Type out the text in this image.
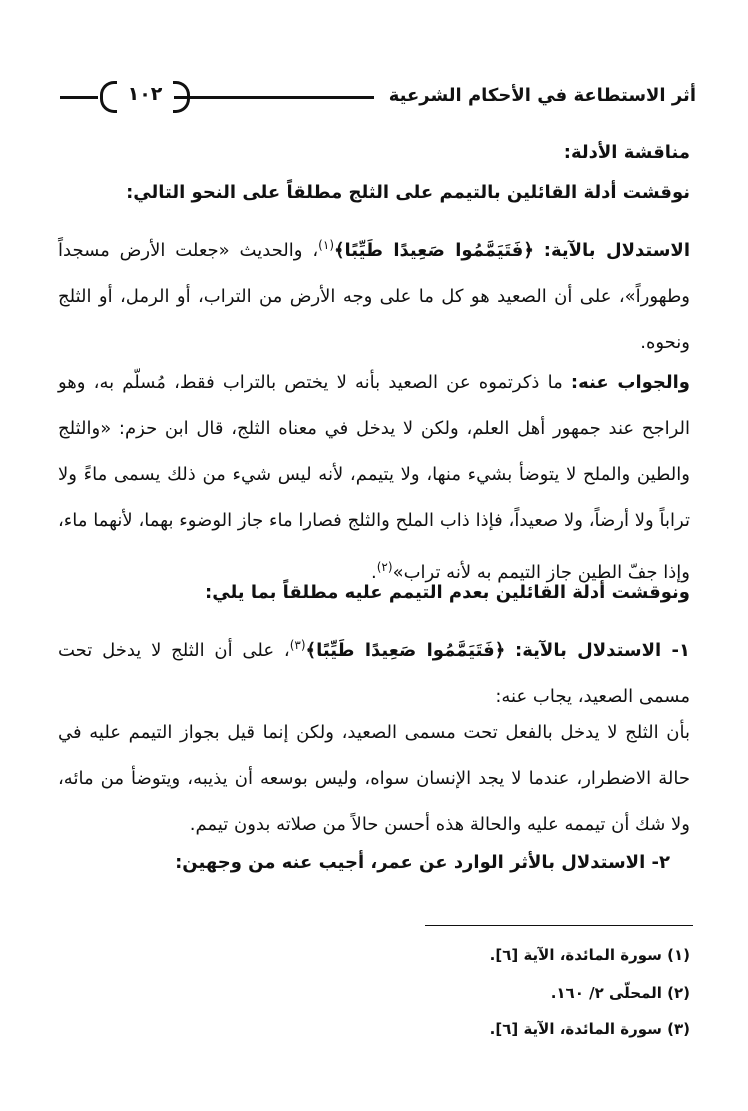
١٠٢	أثر الاستطاعة في الأحكام الشرعية

مناقشة الأدلة:

نوقشت أدلة القائلين بالتيمم على الثلج مطلقاً على النحو التالي:

الاستدلال بالآية: ﴿فَتَيَمَّمُوا صَعِيدًا طَيِّبًا﴾$^{(١)}$، والحديث «جعلت الأرض مسجداً وطهوراً»، على أن الصعيد هو كل ما على وجه الأرض من التراب، أو الرمل، أو الثلج ونحوه.

والجواب عنه: ما ذكرتموه عن الصعيد بأنه لا يختص بالتراب فقط، مُسلّم به، وهو الراجح عند جمهور أهل العلم، ولكن لا يدخل في معناه الثلج، قال ابن حزم: «والثلج والطين والملح لا يتوضأ بشيء منها، ولا يتيمم، لأنه ليس شيء من ذلك يسمى ماءً ولا تراباً ولا أرضاً، ولا صعيداً، فإذا ذاب الملح والثلج فصارا ماء جاز الوضوء بهما، لأنهما ماء، وإذا جفّ الطين جاز التيمم به لأنه تراب»$^{(٢)}$.

ونوقشت أدلة القائلين بعدم التيمم عليه مطلقاً بما يلي:

١- الاستدلال بالآية: ﴿فَتَيَمَّمُوا صَعِيدًا طَيِّبًا﴾$^{(٣)}$، على أن الثلج لا يدخل تحت مسمى الصعيد، يجاب عنه:

بأن الثلج لا يدخل بالفعل تحت مسمى الصعيد، ولكن إنما قيل بجواز التيمم عليه في حالة الاضطرار، عندما لا يجد الإنسان سواه، وليس بوسعه أن يذيبه، ويتوضأ من مائه، ولا شك أن تيممه عليه والحالة هذه أحسن حالاً من صلاته بدون تيمم.

٢- الاستدلال بالأثر الوارد عن عمر، أجيب عنه من وجهين:

(١) سورة المائدة، الآية [٦].
(٢) المحلّى ٢/ ١٦٠.
(٣) سورة المائدة، الآية [٦].
